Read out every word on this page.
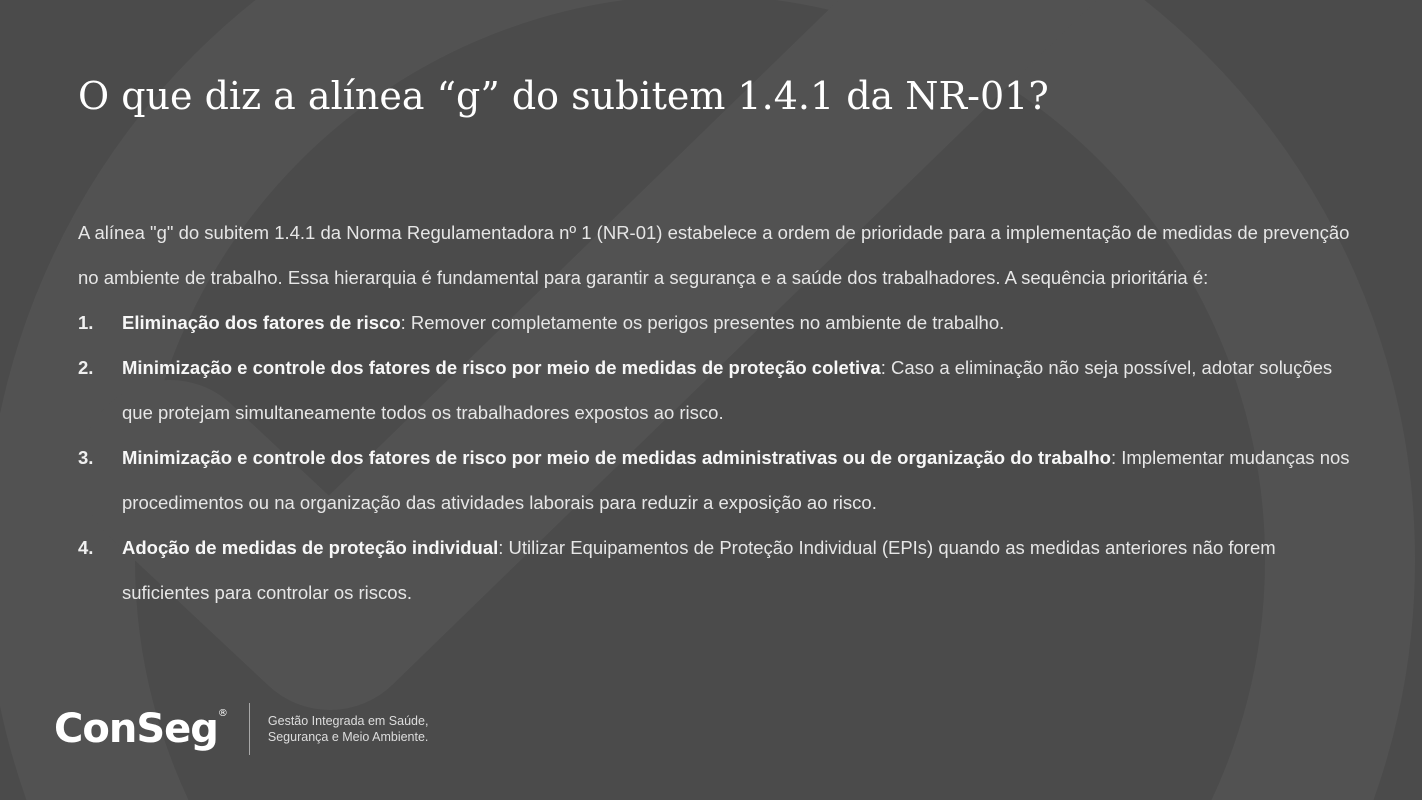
O que diz a alínea “g” do subitem 1.4.1 da NR-01?

A alínea "g" do subitem 1.4.1 da Norma Regulamentadora nº 1 (NR-01) estabelece a ordem de prioridade para a implementação de medidas de prevenção no ambiente de trabalho. Essa hierarquia é fundamental para garantir a segurança e a saúde dos trabalhadores. A sequência prioritária é:

1.	Eliminação dos fatores de risco: Remover completamente os perigos presentes no ambiente de trabalho.
2.	Minimização e controle dos fatores de risco por meio de medidas de proteção coletiva: Caso a eliminação não seja possível, adotar soluções que protejam simultaneamente todos os trabalhadores expostos ao risco.
3.	Minimização e controle dos fatores de risco por meio de medidas administrativas ou de organização do trabalho: Implementar mudanças nos procedimentos ou na organização das atividades laborais para reduzir a exposição ao risco.
4.	Adoção de medidas de proteção individual: Utilizar Equipamentos de Proteção Individual (EPIs) quando as medidas anteriores não forem suficientes para controlar os riscos.
ConSeg®
Gestão Integrada em Saúde,
Segurança e Meio Ambiente.
